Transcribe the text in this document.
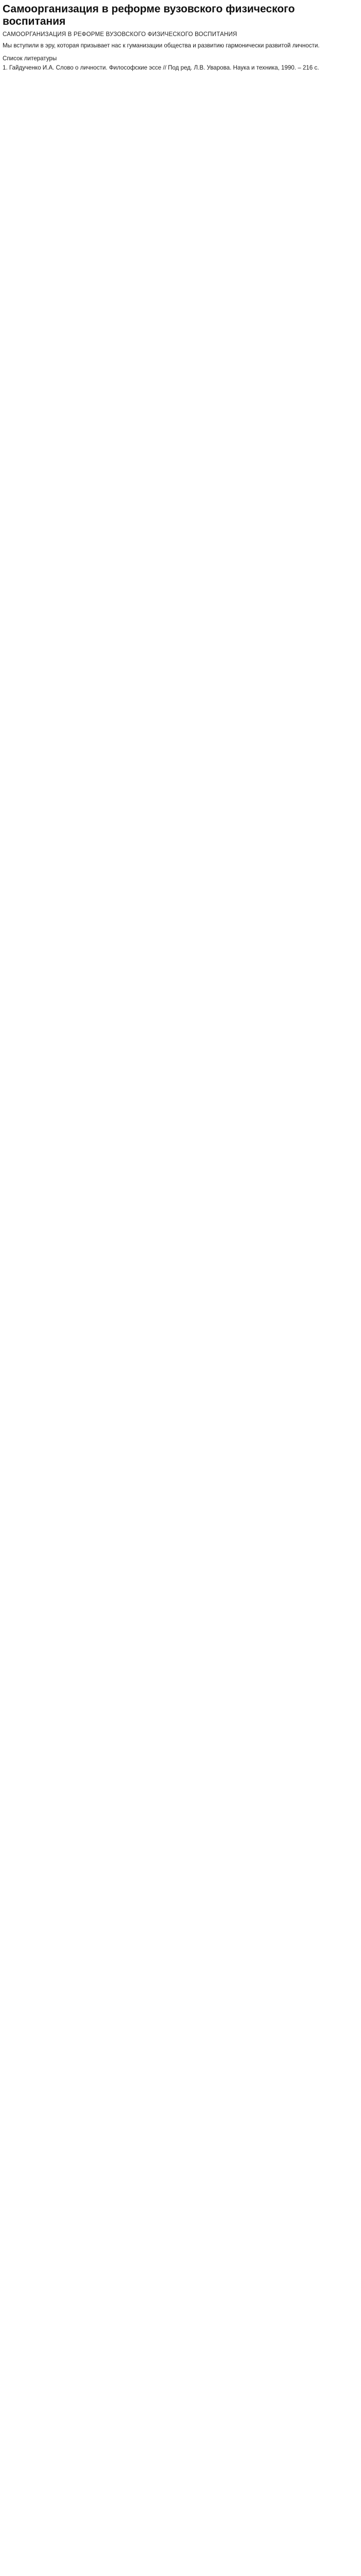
Самоорганизация в реформе вузовского физического воспитания
САМООРГАНИЗАЦИЯ В РЕФОРМЕ ВУЗОВСКОГО ФИЗИЧЕСКОГО ВОСПИТАНИЯ

Мы вступили в эру, которая призывает нас к гуманизации общества и развитию гармонически развитой личности.

Список литературы

1. Гайдученко И.А. Слово о личности. Философские эссе // Под ред. Л.В. Уварова. Наука и техника, 1990. – 216 с.
